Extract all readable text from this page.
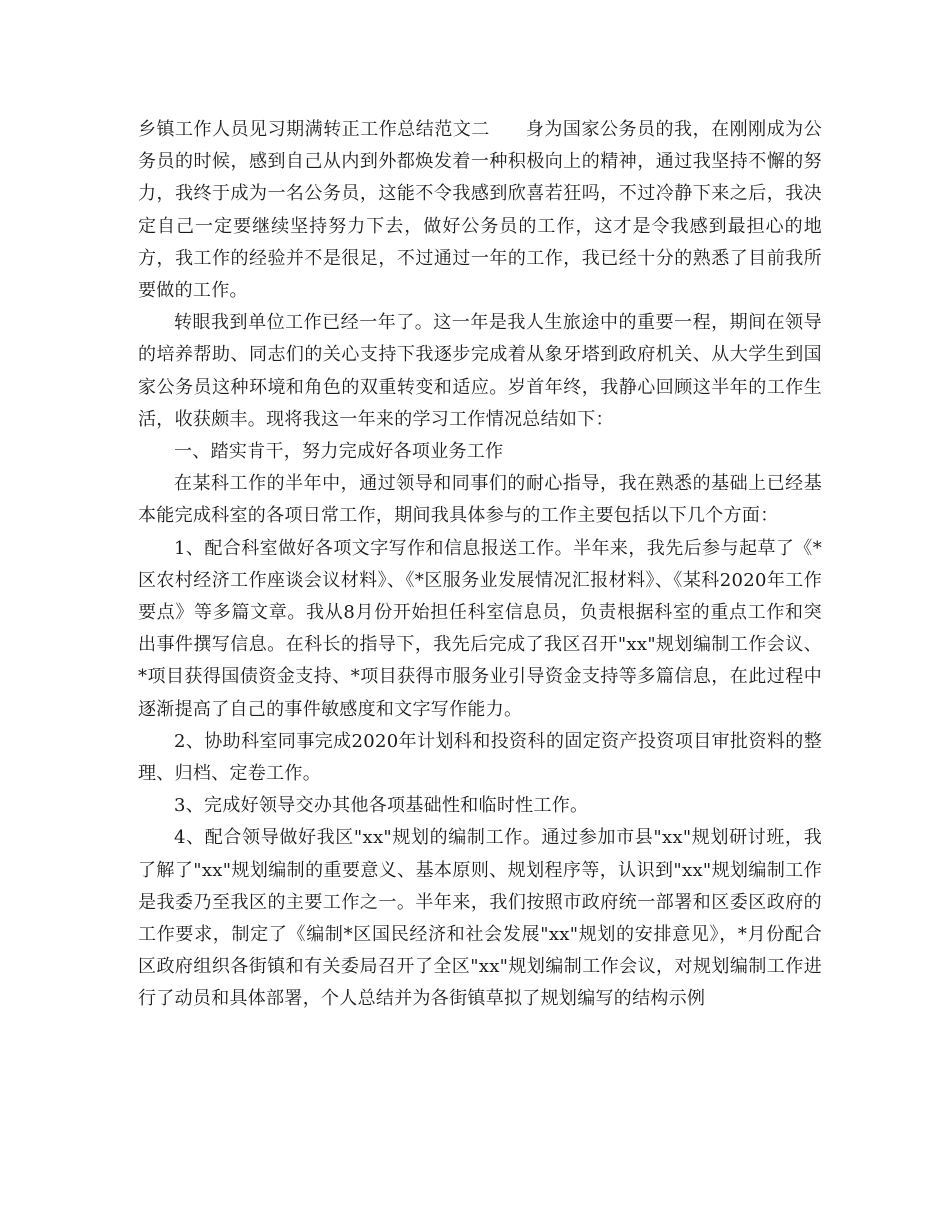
乡镇工作人员见习期满转正工作总结范文二 身为国家公务员的我，在刚刚成为公务员的时候，感到自己从内到外都焕发着一种积极向上的精神，通过我坚持不懈的努力，我终于成为一名公务员，这能不令我感到欣喜若狂吗，不过冷静下来之后，我决定自己一定要继续坚持努力下去，做好公务员的工作，这才是令我感到最担心的地方，我工作的经验并不是很足，不过通过一年的工作，我已经十分的熟悉了目前我所要做的工作。

转眼我到单位工作已经一年了。这一年是我人生旅途中的重要一程，期间在领导的培养帮助、同志们的关心支持下我逐步完成着从象牙塔到政府机关、从大学生到国家公务员这种环境和角色的双重转变和适应。岁首年终，我静心回顾这半年的工作生活，收获颇丰。现将我这一年来的学习工作情况总结如下：

一、踏实肯干，努力完成好各项业务工作

在某科工作的半年中，通过领导和同事们的耐心指导，我在熟悉的基础上已经基本能完成科室的各项日常工作，期间我具体参与的工作主要包括以下几个方面：

1、配合科室做好各项文字写作和信息报送工作。半年来，我先后参与起草了《*区农村经济工作座谈会议材料》、《*区服务业发展情况汇报材料》、《某科2020年工作要点》等多篇文章。我从8月份开始担任科室信息员，负责根据科室的重点工作和突出事件撰写信息。在科长的指导下，我先后完成了我区召开"xx"规划编制工作会议、*项目获得国债资金支持、*项目获得市服务业引导资金支持等多篇信息，在此过程中逐渐提高了自己的事件敏感度和文字写作能力。

2、协助科室同事完成2020年计划科和投资科的固定资产投资项目审批资料的整理、归档、定卷工作。

3、完成好领导交办其他各项基础性和临时性工作。

4、配合领导做好我区"xx"规划的编制工作。通过参加市县"xx"规划研讨班，我了解了"xx"规划编制的重要意义、基本原则、规划程序等，认识到"xx"规划编制工作是我委乃至我区的主要工作之一。半年来，我们按照市政府统一部署和区委区政府的工作要求，制定了《编制*区国民经济和社会发展"xx"规划的安排意见》，*月份配合区政府组织各街镇和有关委局召开了全区"xx"规划编制工作会议，对规划编制工作进行了动员和具体部署，个人总结并为各街镇草拟了规划编写的结构示例
